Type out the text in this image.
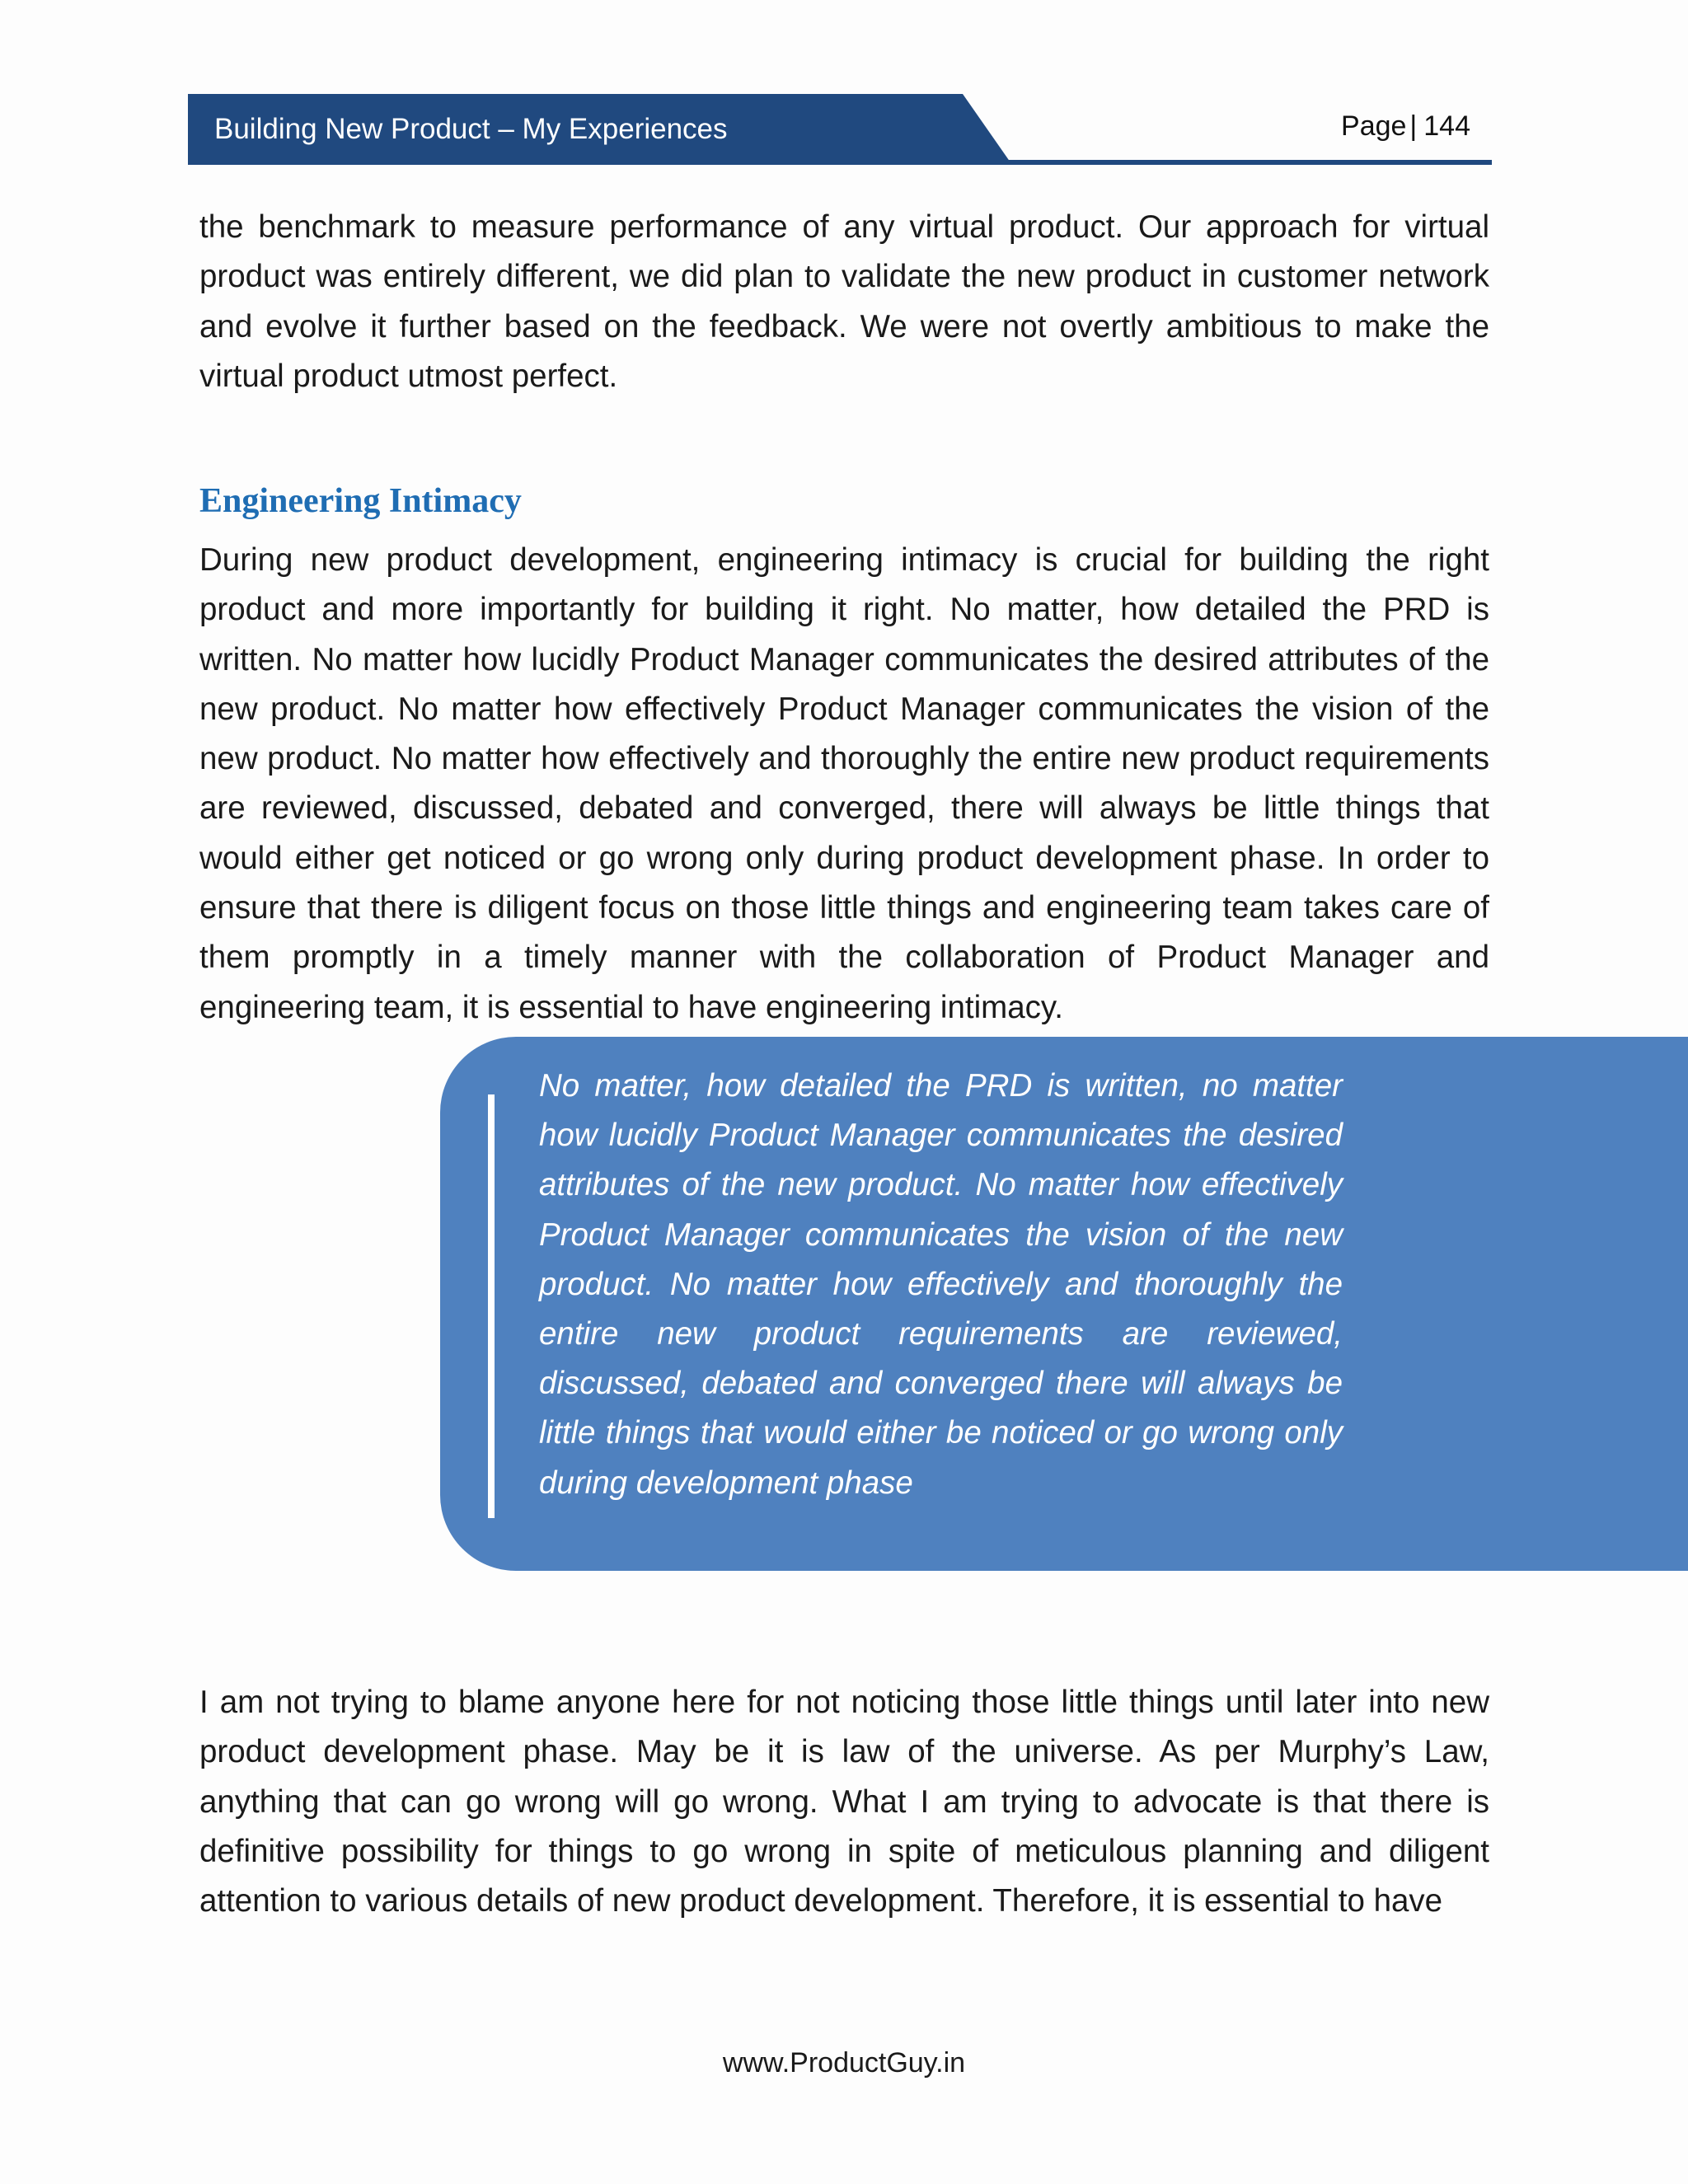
Building New Product – My Experiences	Page | 144

the benchmark to measure performance of any virtual product. Our approach for virtual product was entirely different, we did plan to validate the new product in customer network and evolve it further based on the feedback. We were not overtly ambitious to make the virtual product utmost perfect.

Engineering Intimacy

During new product development, engineering intimacy is crucial for building the right product and more importantly for building it right. No matter, how detailed the PRD is written. No matter how lucidly Product Manager communicates the desired attributes of the new product. No matter how effectively Product Manager communicates the vision of the new product. No matter how effectively and thoroughly the entire new product requirements are reviewed, discussed, debated and converged, there will always be little things that would either get noticed or go wrong only during product development phase. In order to ensure that there is diligent focus on those little things and engineering team takes care of them promptly in a timely manner with the collaboration of Product Manager and engineering team, it is essential to have engineering intimacy.

No matter, how detailed the PRD is written, no matter how lucidly Product Manager communicates the desired attributes of the new product. No matter how effectively Product Manager communicates the vision of the new product. No matter how effectively and thoroughly the entire new product requirements are reviewed, discussed, debated and converged there will always be little things that would either be noticed or go wrong only during development phase

I am not trying to blame anyone here for not noticing those little things until later into new product development phase. May be it is law of the universe. As per Murphy’s Law, anything that can go wrong will go wrong. What I am trying to advocate is that there is definitive possibility for things to go wrong in spite of meticulous planning and diligent attention to various details of new product development. Therefore, it is essential to have

www.ProductGuy.in
